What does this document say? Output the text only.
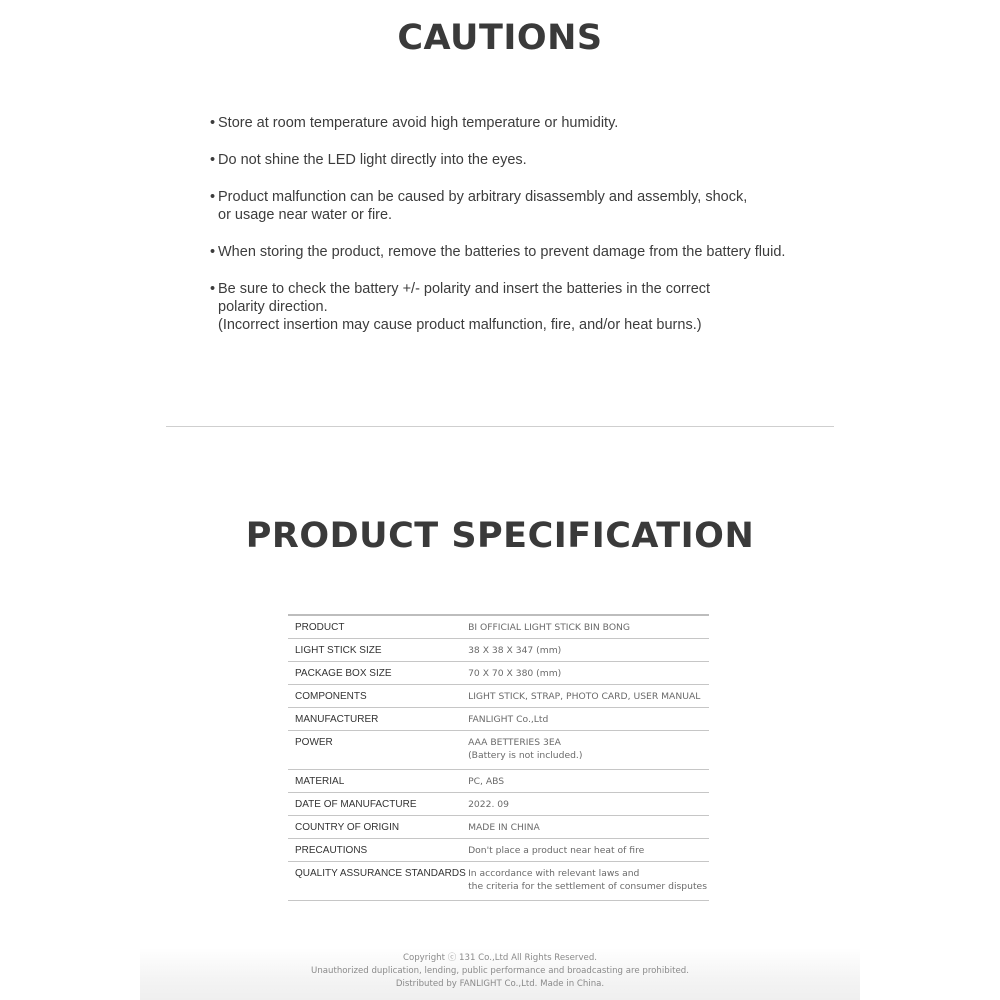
CAUTIONS
• Store at room temperature avoid high temperature or humidity.
• Do not shine the LED light directly into the eyes.
• Product malfunction can be caused by arbitrary disassembly and assembly, shock,
or usage near water or fire.
• When storing the product, remove the batteries to prevent damage from the battery fluid.
• Be sure to check the battery +/- polarity and insert the batteries in the correct
polarity direction.
(Incorrect insertion may cause product malfunction, fire, and/or heat burns.)
PRODUCT SPECIFICATION
PRODUCT	BI OFFICIAL LIGHT STICK BIN BONG

LIGHT STICK SIZE	38 X 38 X 347 (mm)

PACKAGE BOX SIZE	70 X 70 X 380 (mm)

COMPONENTS	LIGHT STICK, STRAP, PHOTO CARD, USER MANUAL

MANUFACTURER	FANLIGHT Co.,Ltd

POWER	AAA BETTERIES 3EA
(Battery is not included.)

MATERIAL	PC, ABS

DATE OF MANUFACTURE	2022. 09

COUNTRY OF ORIGIN	MADE IN CHINA

PRECAUTIONS	Don't place a product near heat of fire

QUALITY ASSURANCE STANDARDS	In accordance with relevant laws and
the criteria for the settlement of consumer disputes
Copyright ⓒ 131 Co.,Ltd All Rights Reserved.
Unauthorized duplication, lending, public performance and broadcasting are prohibited.
Distributed by FANLIGHT Co.,Ltd. Made in China.
